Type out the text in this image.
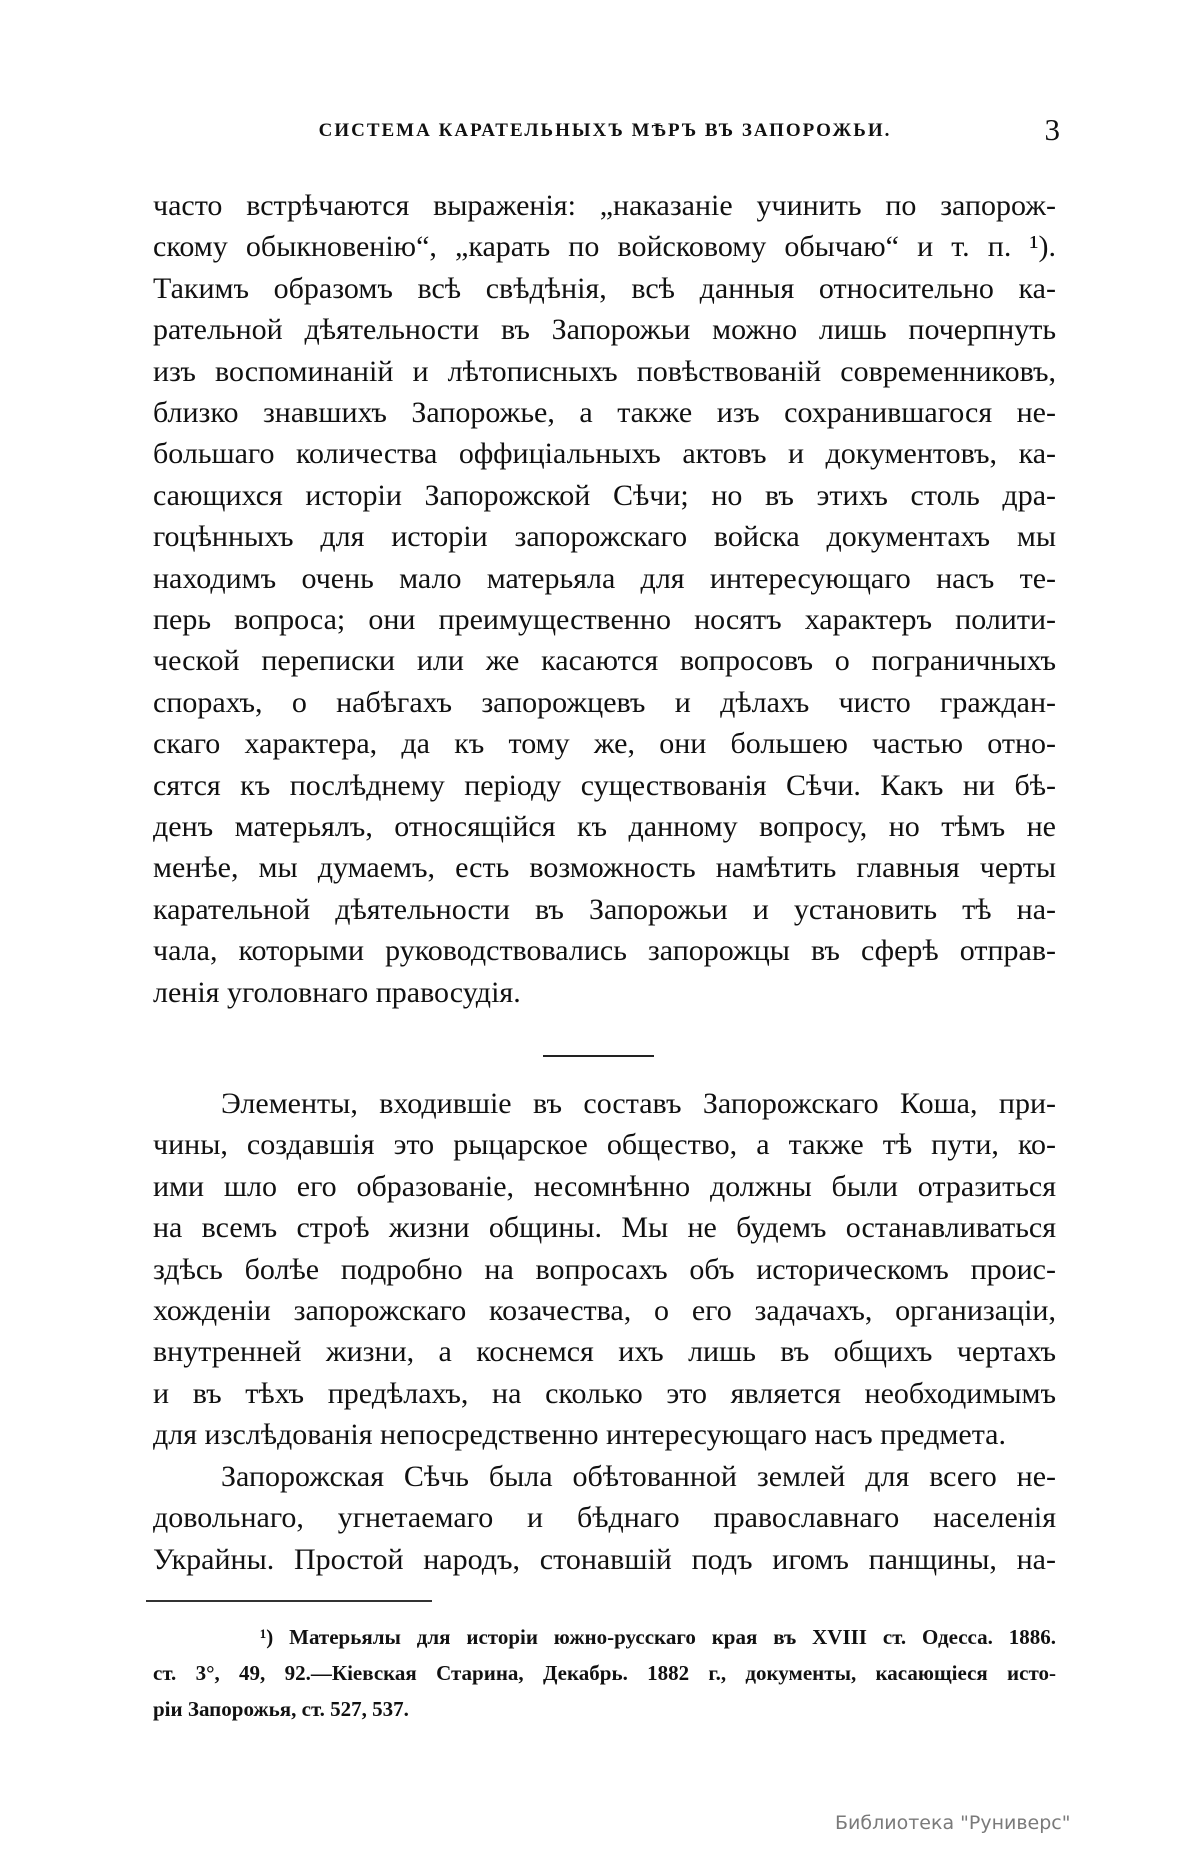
СИСТЕМА КАРАТЕЛЬНЫХЪ МѢРЪ ВЪ ЗАПОРОЖЬИ.	3
часто встрѣчаются выраженія: „наказаніе учинить по запорож-
скому обыкновенію“, „карать по войсковому обычаю“ и т. п. ¹).
Такимъ образомъ всѣ свѣдѣнія, всѣ данныя относительно ка-
рательной дѣятельности въ Запорожьи можно лишь почерпнуть
изъ воспоминаній и лѣтописныхъ повѣствованій современниковъ,
близко знавшихъ Запорожье, а также изъ сохранившагося не-
большаго количества оффиціальныхъ актовъ и документовъ, ка-
сающихся исторіи Запорожской Сѣчи; но въ этихъ столь дра-
гоцѣнныхъ для исторіи запорожскаго войска документахъ мы
находимъ очень мало матерьяла для интересующаго насъ те-
перь вопроса; они преимущественно носятъ характеръ полити-
ческой переписки или же касаются вопросовъ о пограничныхъ
спорахъ, о набѣгахъ запорожцевъ и дѣлахъ чисто граждан-
скаго характера, да къ тому же, они большею частью отно-
сятся къ послѣднему періоду существованія Сѣчи. Какъ ни бѣ-
денъ матерьялъ, относящійся къ данному вопросу, но тѣмъ не
менѣе, мы думаемъ, есть возможность намѣтить главныя черты
карательной дѣятельности въ Запорожьи и установить тѣ на-
чала, которыми руководствовались запорожцы въ сферѣ отправ-
ленія уголовнаго правосудія.
Элементы, входившіе въ составъ Запорожскаго Коша, при-
чины, создавшія это рыцарское общество, а также тѣ пути, ко-
ими шло его образованіе, несомнѣнно должны были отразиться
на всемъ строѣ жизни общины. Мы не будемъ останавливаться
здѣсь болѣе подробно на вопросахъ объ историческомъ проис-
хожденіи запорожскаго козачества, о его задачахъ, организаціи,
внутренней жизни, а коснемся ихъ лишь въ общихъ чертахъ
и въ тѣхъ предѣлахъ, на сколько это является необходимымъ
для изслѣдованія непосредственно интересующаго насъ предмета.
Запорожская Сѣчь была обѣтованной землей для всего не-
довольнаго, угнетаемаго и бѣднаго православнаго населенія
Украйны. Простой народъ, стонавшій подъ игомъ панщины, на-
¹) Матерьялы для исторіи южно-русскаго края въ XVIII ст. Одесса. 1886.
ст. 3°, 49, 92.—Кіевская Старина, Декабрь. 1882 г., документы, касающіеся исто-
ріи Запорожья, ст. 527, 537.
Библиотека "Руниверс"
